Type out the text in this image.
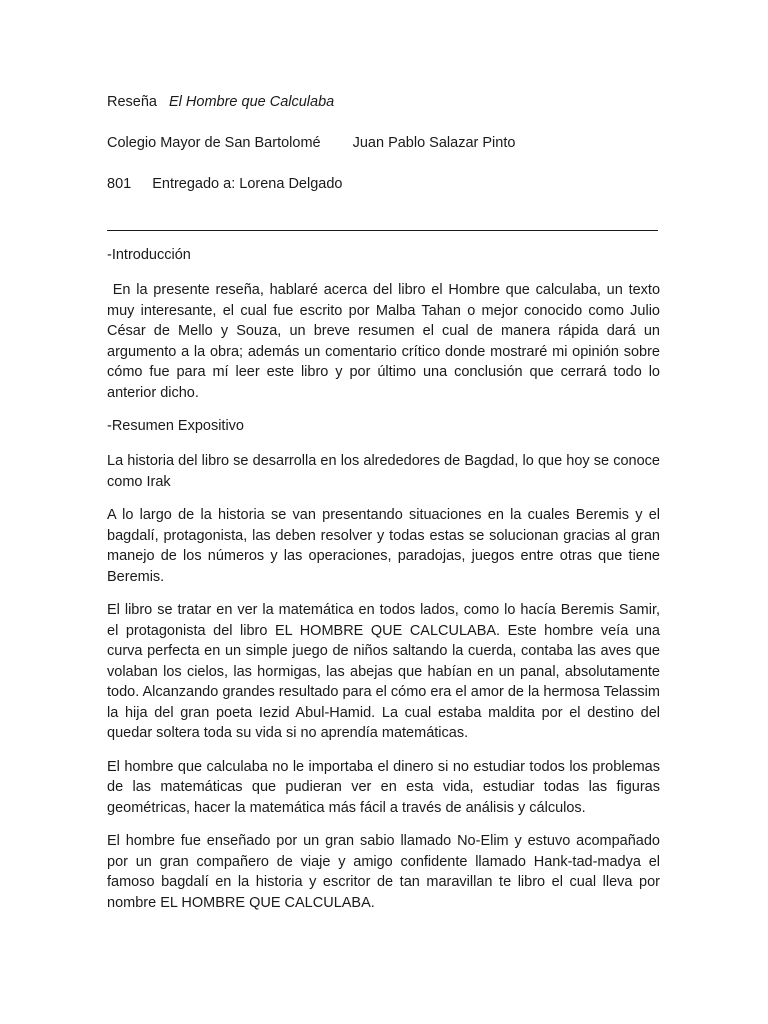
Reseña El Hombre que Calculaba
Colegio Mayor de San Bartolomé Juan Pablo Salazar Pinto
801 Entregado a: Lorena Delgado
-Introducción

En la presente reseña, hablaré acerca del libro el Hombre que calculaba, un texto muy interesante, el cual fue escrito por Malba Tahan o mejor conocido como Julio César de Mello y Souza, un breve resumen el cual de manera rápida dará un argumento a la obra; además un comentario crítico donde mostraré mi opinión sobre cómo fue para mí leer este libro y por último una conclusión que cerrará todo lo anterior dicho.

-Resumen Expositivo

La historia del libro se desarrolla en los alrededores de Bagdad, lo que hoy se conoce como Irak

A lo largo de la historia se van presentando situaciones en la cuales Beremis y el bagdalí, protagonista, las deben resolver y todas estas se solucionan gracias al gran manejo de los números y las operaciones, paradojas, juegos entre otras que tiene Beremis.

El libro se tratar en ver la matemática en todos lados, como lo hacía Beremis Samir, el protagonista del libro EL HOMBRE QUE CALCULABA. Este hombre veía una curva perfecta en un simple juego de niños saltando la cuerda, contaba las aves que volaban los cielos, las hormigas, las abejas que habían en un panal, absolutamente todo. Alcanzando grandes resultado para el cómo era el amor de la hermosa Telassim la hija del gran poeta Iezid Abul-Hamid. La cual estaba maldita por el destino del quedar soltera toda su vida si no aprendía matemáticas.

El hombre que calculaba no le importaba el dinero si no estudiar todos los problemas de las matemáticas que pudieran ver en esta vida, estudiar todas las figuras geométricas, hacer la matemática más fácil a través de análisis y cálculos.

El hombre fue enseñado por un gran sabio llamado No-Elim y estuvo acompañado por un gran compañero de viaje y amigo confidente llamado Hank-tad-madya el famoso bagdalí en la historia y escritor de tan maravillan te libro el cual lleva por nombre EL HOMBRE QUE CALCULABA.
